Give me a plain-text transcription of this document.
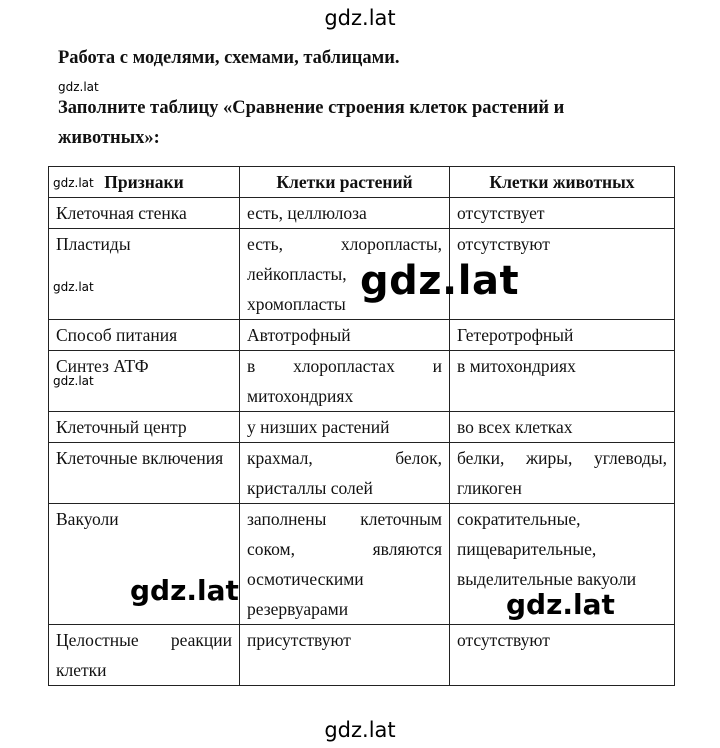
gdz.lat
Работа с моделями, схемами, таблицами.
gdz.lat
Заполните таблицу «Сравнение строения клеток растений и животных»:
Признаки	Клетки растений	Клетки животных
Клеточная стенка	есть, целлюлоза	отсутствует
Пластиды	есть, хлоропласты, лейкопласты, хромопласты	отсутствуют
Способ питания	Автотрофный	Гетеротрофный
Синтез АТФ	в хлоропластах и митохондриях	в митохондриях
Клеточный центр	у низших растений	во всех клетках
Клеточные включения	крахмал, белок, кристаллы солей	белки, жиры, углеводы, гликоген
Вакуоли	заполнены клеточным соком, являются осмотическими резервуарами	сократительные, пищеварительные, выделительные вакуоли
Целостные реакции клетки	присутствуют	отсутствуют
gdz.lat
gdz.lat
gdz.lat
gdz.lat
gdz.lat	gdz.lat
gdz.lat
